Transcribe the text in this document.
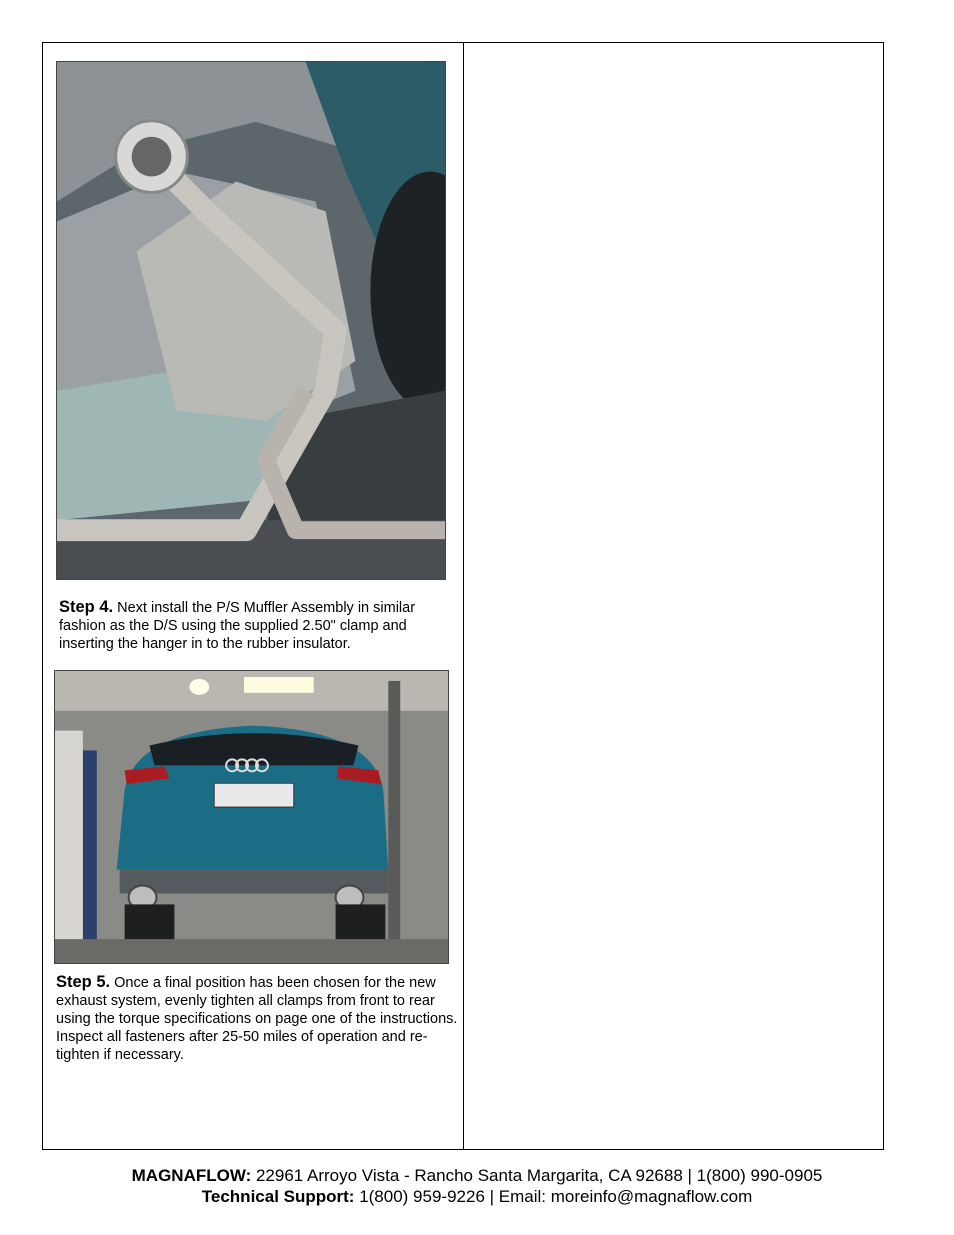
Step 4. Next install the P/S Muffler Assembly in similar fashion as the D/S using the supplied 2.50" clamp and inserting the hanger in to the rubber insulator.
Step 5. Once a final position has been chosen for the new exhaust system, evenly tighten all clamps from front to rear using the torque specifications on page one of the instructions. Inspect all fasteners after 25-50 miles of operation and re-tighten if necessary.
MAGNAFLOW: 22961 Arroyo Vista - Rancho Santa Margarita, CA 92688 | 1(800) 990-0905
Technical Support: 1(800) 959-9226 | Email: moreinfo@magnaflow.com
